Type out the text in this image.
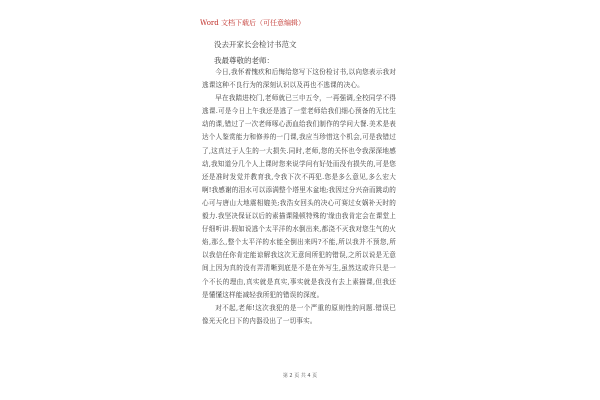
Word 文档下载后（可任意编辑）
没去开家长会检讨书范文
我最尊敬的老师：

今日,我怀着愧疚和后悔给您写下这份检讨书,以向您表示我对逃课这种不良行为的深刻认识以及再也不逃课的决心。

早在我踏进校门,老师就已三申五令，一再强调,全校同学不得逃课.可是今日上午我还是逃了一堂老师给我们细心预备的无比生动的课,错过了一次老师啄心沥血给我们制作的学问大餐.美术是表达个人鉴赏能力和修养的一门课,我应当珍惜这个机会,可是我错过了,这真过于人生的一大损失.同时,老师,您的关怀也令我深深地感动,我知道分几个人上课时您来说学问有好处而没有损失的,可是您还是准时发觉并教育我,令我下次不再犯.您是多么意见,多么宏大啊!我感谢的泪水可以添满整个塔里木盆地;我因过分兴奋而跳动的心可与唐山大地震相媲美;我浩女回头的决心可赛过女娲补天时的毅力.我坚决保证以后的素描课隆顿特殊的'缘由我肯定会在课堂上仔细听讲.假如说逃个太平洋的水倒出来,都浇不灭我对您生气的火焰,那么,整个太平洋的水能全倒出来吗?不能,所以我并不预您,所以我信任你肯定能谅解我这次无意间所犯的错误,之所以说是无意间上因为真的没有弄清晰到底是不是在外写生,虽然这或许只是一个不长的理由,真实就是真实,事实就是我没有去上素描课,但我还是懂懂这样能减轻我所犯的错误的深度。

对不起,老师!这次我犯的是一个严重的原则性的问题.错误已像光天化日下的内器设出了一切事实。

第 2 页 共 4 页
